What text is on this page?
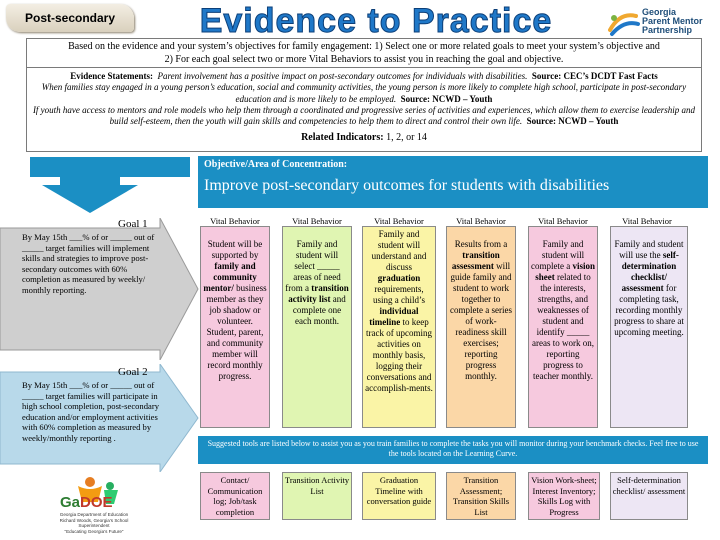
Post-secondary	Evidence to Practice	Georgia
Parent Mentor
Partnership
Based on the evidence and your system’s objectives for family engagement: 1) Select one or more related goals to meet your system’s objective and
2) For each goal select two or more Vital Behaviors to assist you in reaching the goal and objective.
Evidence Statements: Parent involvement has a positive impact on post-secondary outcomes for individuals with disabilities. Source: CEC’s DCDT Fast Facts
When families stay engaged in a young person’s education, social and community activities, the young person is more likely to complete high school, participate in post-secondary education and is more likely to be employed. Source: NCWD – Youth
If youth have access to mentors and role models who help them through a coordinated and progressive series of activities and experiences, which allow them to exercise leadership and build self-esteem, then the youth will gain skills and competencies to help them to direct and control their own life. Source: NCWD – Youth
Related Indicators: 1, 2, or 14
Objective/Area of Concentration:
Improve post-secondary outcomes for students with disabilities
Goal 1
By May 15th ___% of or _____ out of _____ target families will implement skills and strategies to improve post- secondary outcomes with 60% completion as measured by weekly/ monthly reporting.
Goal 2
By May 15th ___% of or _____ out of _____ target families will participate in high school completion, post-secondary education and/or employment activities with 60% completion as measured by weekly/monthly reporting .
Vital Behavior	Vital Behavior	Vital Behavior	Vital Behavior	Vital Behavior	Vital Behavior

Student will be supported by family and community mentor/ business member as they job shadow or volunteer. Student, parent, and community member will record monthly progress.

Family and student will select _____ areas of need from a transition activity list and complete one each month.

Family and student will understand and discuss graduation requirements, using a child’s individual timeline to keep track of upcoming activities on monthly basis, logging their conversations and accomplish-ments.

Results from a transition assessment will guide family and student to work together to complete a series of work-readiness skill exercises; reporting progress monthly.

Family and student will complete a vision sheet related to the interests, strengths, and weaknesses of student and identify _____ areas to work on, reporting progress to teacher monthly.

Family and student will use the self-determination checklist/ assessment for completing task, recording monthly progress to share at upcoming meeting.

Suggested tools are listed below to assist you as you train families to complete the tasks you will monitor during your benchmark checks. Feel free to use the tools located on the Learning Curve.
Contact/ Communication log; Job/task completion
Transition Activity List
Graduation Timeline with conversation guide
Transition Assessment; Transition Skills List
Vision Work-sheet; Interest Inventory; Skills Log with Progress
Self-determination checklist/ assessment
GaDOE
Georgia Department of Education
Richard Woods, Georgia’s School Superintendent
“Educating Georgia’s Future”
